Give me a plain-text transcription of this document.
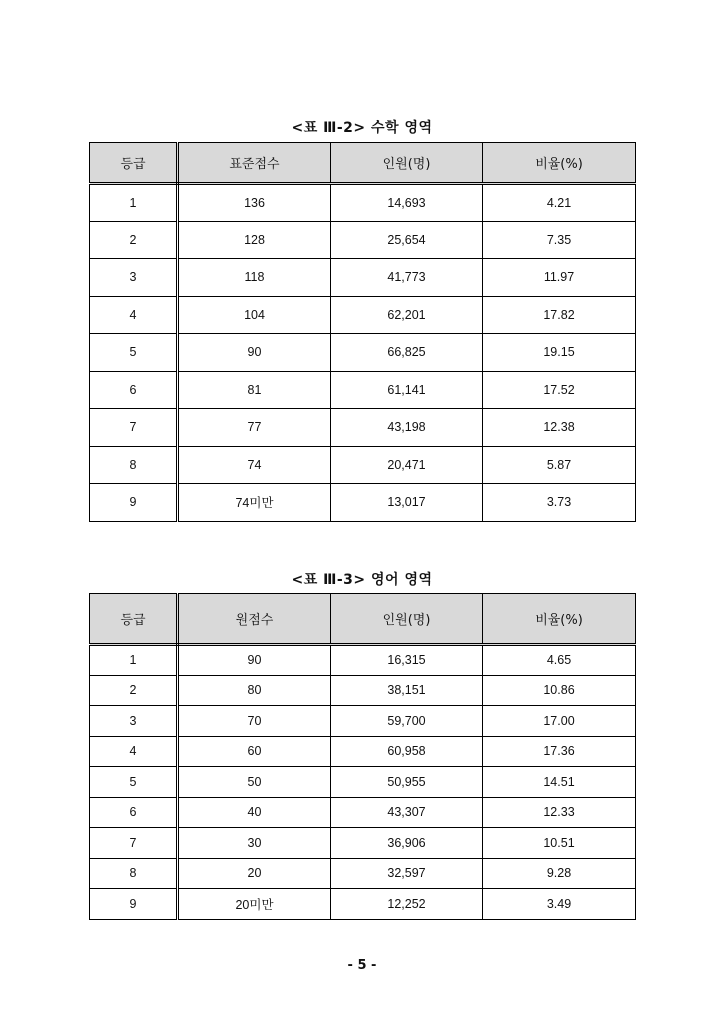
<표 Ⅲ-2> 수학 영역
등급	표준점수	인원(명)	비율(%)
1	136	14,693	4.21
2	128	25,654	7.35
3	118	41,773	11.97
4	104	62,201	17.82
5	90	66,825	19.15
6	81	61,141	17.52
7	77	43,198	12.38
8	74	20,471	5.87
9	74미만	13,017	3.73
<표 Ⅲ-3> 영어 영역
등급	원점수	인원(명)	비율(%)
1	90	16,315	4.65
2	80	38,151	10.86
3	70	59,700	17.00
4	60	60,958	17.36
5	50	50,955	14.51
6	40	43,307	12.33
7	30	36,906	10.51
8	20	32,597	9.28
9	20미만	12,252	3.49
- 5 -
